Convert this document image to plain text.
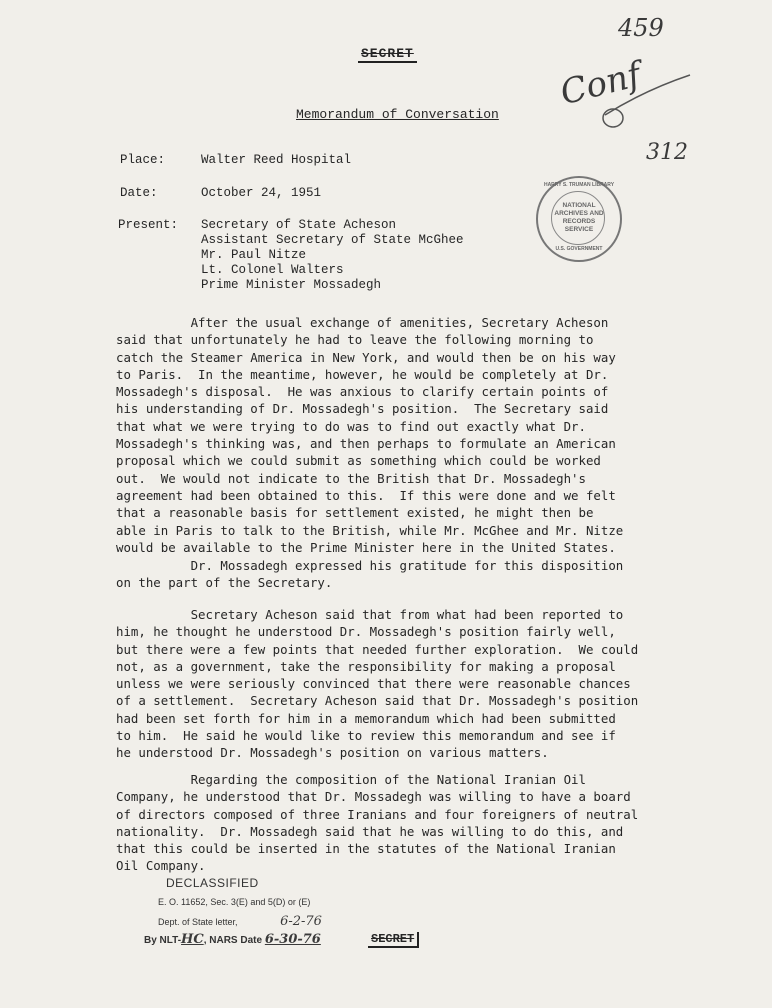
459
Conf
312
SECRET
Memorandum of Conversation
Place:	Walter Reed Hospital
Date:	October 24, 1951
Present: Secretary of State Acheson
Assistant Secretary of State McGhee
Mr. Paul Nitze
Lt. Colonel Walters
Prime Minister Mossadegh
HARRY S. TRUMAN LIBRARY
NATIONAL
ARCHIVES AND
RECORDS
SERVICE
U.S. GOVERNMENT
After the usual exchange of amenities, Secretary Acheson
said that unfortunately he had to leave the following morning to
catch the Steamer America in New York, and would then be on his way
to Paris.  In the meantime, however, he would be completely at Dr.
Mossadegh's disposal.  He was anxious to clarify certain points of
his understanding of Dr. Mossadegh's position.  The Secretary said
that what we were trying to do was to find out exactly what Dr.
Mossadegh's thinking was, and then perhaps to formulate an American
proposal which we could submit as something which could be worked
out.  We would not indicate to the British that Dr. Mossadegh's
agreement had been obtained to this.  If this were done and we felt
that a reasonable basis for settlement existed, he might then be
able in Paris to talk to the British, while Mr. McGhee and Mr. Nitze
would be available to the Prime Minister here in the United States.
Dr. Mossadegh expressed his gratitude for this disposition
on the part of the Secretary.
Secretary Acheson said that from what had been reported to
him, he thought he understood Dr. Mossadegh's position fairly well,
but there were a few points that needed further exploration.  We could
not, as a government, take the responsibility for making a proposal
unless we were seriously convinced that there were reasonable chances
of a settlement.  Secretary Acheson said that Dr. Mossadegh's position
had been set forth for him in a memorandum which had been submitted
to him.  He said he would like to review this memorandum and see if
he understood Dr. Mossadegh's position on various matters.
Regarding the composition of the National Iranian Oil
Company, he understood that Dr. Mossadegh was willing to have a board
of directors composed of three Iranians and four foreigners of neutral
nationality.  Dr. Mossadegh said that he was willing to do this, and
that this could be inserted in the statutes of the National Iranian
Oil Company.
DECLASSIFIED
E. O. 11652, Sec. 3(E) and 5(D) or (E)
Dept. of State letter,	6-2-76
By NLT-HC, NARS Date 6-30-76	SECRET
